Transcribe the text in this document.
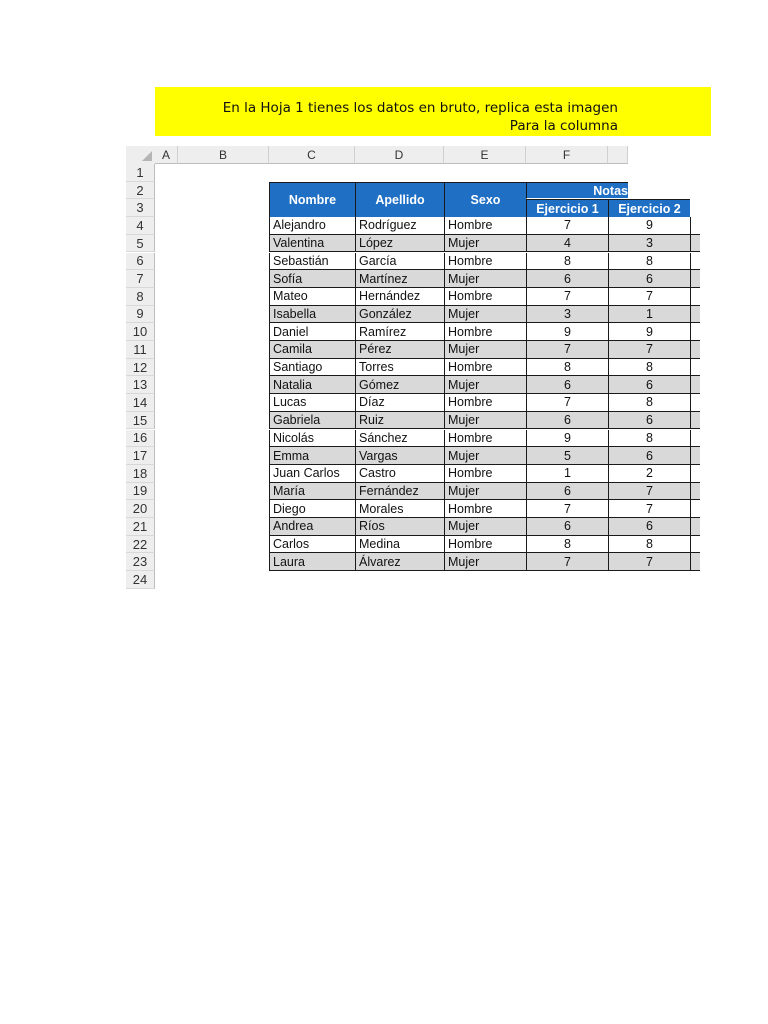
En la Hoja 1 tienes los datos en bruto, replica esta imagen
Para la columna
A	B	C	D	E	F
1
2
3
4
5
6
7
8
9
10
11
12
13
14
15
16
17
18
19
20
21
22
23
24
Nombre	Apellido	Sexo
Notas
Ejercicio 1	Ejercicio 2
Alejandro	Rodríguez	Hombre	7	9
Valentina	López	Mujer	4	3
Sebastián	García	Hombre	8	8
Sofía	Martínez	Mujer	6	6
Mateo	Hernández	Hombre	7	7
Isabella	González	Mujer	3	1
Daniel	Ramírez	Hombre	9	9
Camila	Pérez	Mujer	7	7
Santiago	Torres	Hombre	8	8
Natalia	Gómez	Mujer	6	6
Lucas	Díaz	Hombre	7	8
Gabriela	Ruiz	Mujer	6	6
Nicolás	Sánchez	Hombre	9	8
Emma	Vargas	Mujer	5	6
Juan Carlos	Castro	Hombre	1	2
María	Fernández	Mujer	6	7
Diego	Morales	Hombre	7	7
Andrea	Ríos	Mujer	6	6
Carlos	Medina	Hombre	8	8
Laura	Álvarez	Mujer	7	7
